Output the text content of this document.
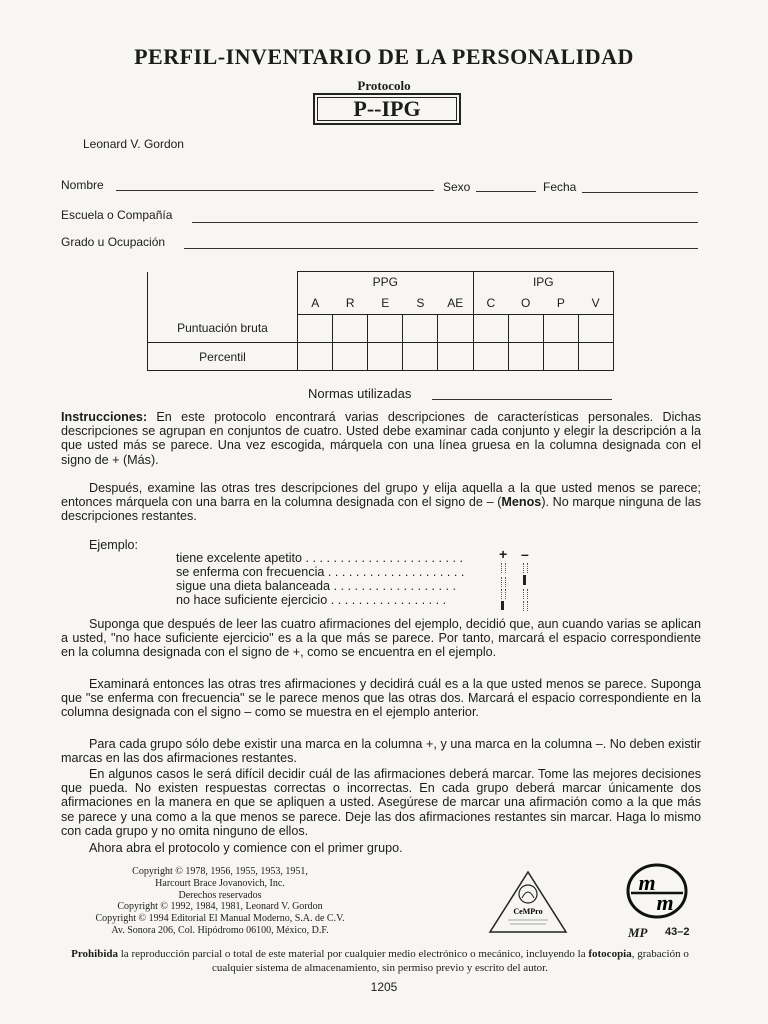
PERFIL-INVENTARIO DE LA PERSONALIDAD
Protocolo
P--IPG
Leonard V. Gordon
Nombre	Sexo	Fecha
Escuela o Compañía
Grado u Ocupación
	PPG					IPG			
	A	R	E	S	AE	C	O	P	V
Puntuación bruta									
Percentil									
Normas utilizadas
Instrucciones: En este protocolo encontrará varias descripciones de características personales. Dichas descripciones se agrupan en conjuntos de cuatro. Usted debe examinar cada conjunto y elegir la descripción a la que usted más se parece. Una vez escogida, márquela con una línea gruesa en la columna designada con el signo de + (Más).
Después, examine las otras tres descripciones del grupo y elija aquella a la que usted menos se parece; entonces márquela con una barra en la columna designada con el signo de – (Menos). No marque ninguna de las descripciones restantes.
Ejemplo:
tiene excelente apetito . . . . . . . . . . . . . . . . . . . . . . .
se enferma con frecuencia . . . . . . . . . . . . . . . . . . . .
sigue una dieta balanceada . . . . . . . . . . . . . . . . . .
no hace suficiente ejercicio . . . . . . . . . . . . . . . . .
+ –
Suponga que después de leer las cuatro afirmaciones del ejemplo, decidió que, aun cuando varias se aplican a usted, "no hace suficiente ejercicio" es a la que más se parece. Por tanto, marcará el espacio correspondiente en la columna designada con el signo de +, como se encuentra en el ejemplo.
Examinará entonces las otras tres afirmaciones y decidirá cuál es a la que usted menos se parece. Suponga que "se enferma con frecuencia" se le parece menos que las otras dos. Marcará el espacio correspondiente en la columna designada con el signo – como se muestra en el ejemplo anterior.
Para cada grupo sólo debe existir una marca en la columna +, y una marca en la columna –. No deben existir marcas en las dos afirmaciones restantes.
En algunos casos le será difícil decidir cuál de las afirmaciones deberá marcar. Tome las mejores decisiones que pueda. No existen respuestas correctas o incorrectas. En cada grupo deberá marcar únicamente dos afirmaciones en la manera en que se apliquen a usted. Asegúrese de marcar una afirmación como a la que más se parece y una como a la que menos se parece. Deje las dos afirmaciones restantes sin marcar. Haga lo mismo con cada grupo y no omita ninguno de ellos.
Ahora abra el protocolo y comience con el primer grupo.
Copyright © 1978, 1956, 1955, 1953, 1951,
Harcourt Brace Jovanovich, Inc.
Derechos reservados
Copyright © 1992, 1984, 1981, Leonard V. Gordon
Copyright © 1994 Editorial El Manual Moderno, S.A. de C.V.
Av. Sonora 206, Col. Hipódromo 06100, México, D.F.
CeMPro
m
m
MP 43–2
Prohibida la reproducción parcial o total de este material por cualquier medio electrónico o mecánico, incluyendo la fotocopia, grabación o cualquier sistema de almacenamiento, sin permiso previo y escrito del autor.
1205
